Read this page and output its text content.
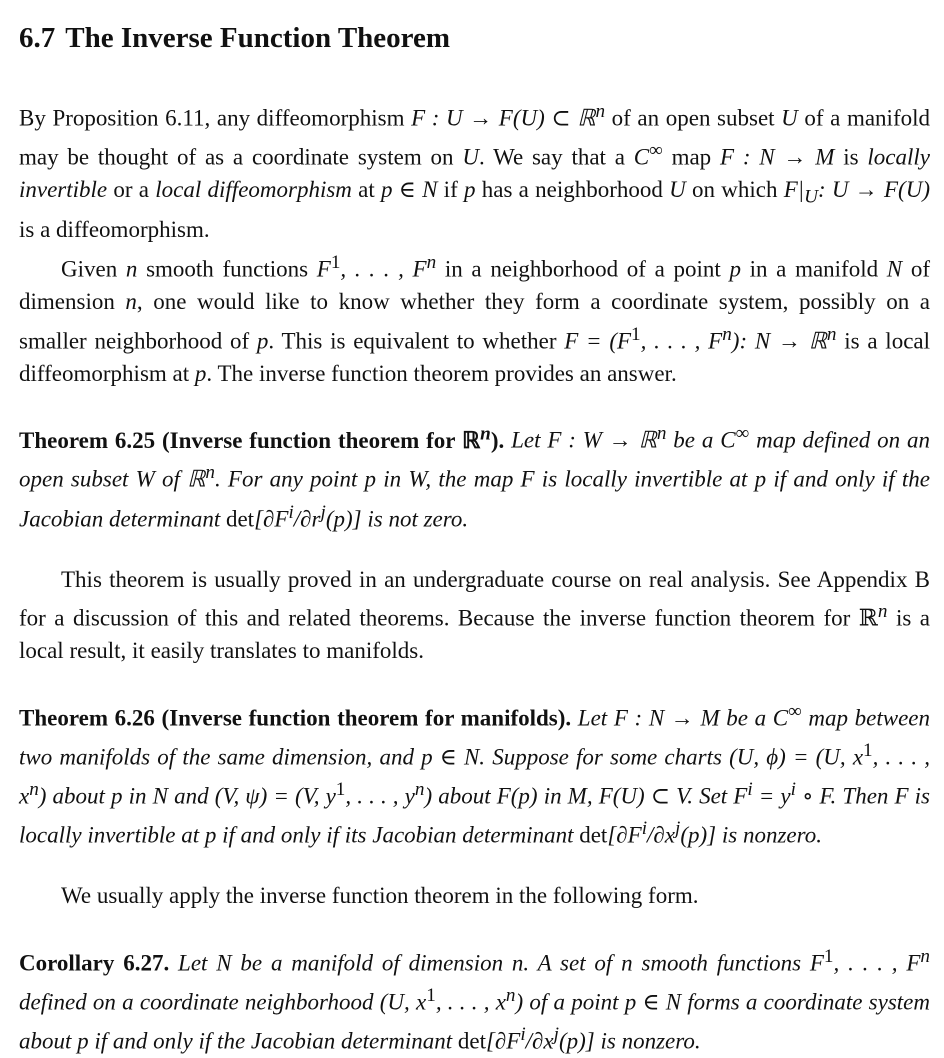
6.7 The Inverse Function Theorem

By Proposition 6.11, any diffeomorphism F : U → F(U) ⊂ ℝ$^n$ of an open subset U of a manifold may be thought of as a coordinate system on U. We say that a C∞ map F : N → M is locally invertible or a local diffeomorphism at p ∈ N if p has a neighborhood U on which $F|_U$: U → F(U) is a diffeomorphism.

Given n smooth functions $F^1$, . . . , $F^n$ in a neighborhood of a point p in a manifold N of dimension n, one would like to know whether they form a coordinate system, possibly on a smaller neighborhood of p. This is equivalent to whether $F = (F^1$, . . . , $F^n$): N → ℝ$^n$ is a local diffeomorphism at p. The inverse function theorem provides an answer.

Theorem 6.25 (Inverse function theorem for ℝ$^n$). Let F : W → ℝ$^n$ be a C∞ map defined on an open subset W of ℝ$^n$. For any point p in W, the map F is locally invertible at p if and only if the Jacobian determinant $\det[\partial F^i/\partial r^j(p)]$ is not zero.

This theorem is usually proved in an undergraduate course on real analysis. See Appendix B for a discussion of this and related theorems. Because the inverse function theorem for ℝ$^n$ is a local result, it easily translates to manifolds.

Theorem 6.26 (Inverse function theorem for manifolds). Let F : N → M be a C∞ map between two manifolds of the same dimension, and p ∈ N. Suppose for some charts (U, ϕ) = (U, $x^1$, . . . , $x^n$) about p in N and (V, ψ) = (V, $y^1$, . . . , $y^n$) about F(p) in M, F(U) ⊂ V. Set $F^i = y^i$ ∘ F. Then F is locally invertible at p if and only if its Jacobian determinant $\det[\partial F^i/\partial x^j(p)]$ is nonzero.

We usually apply the inverse function theorem in the following form.

Corollary 6.27. Let N be a manifold of dimension n. A set of n smooth functions $F^1$, . . . , $F^n$ defined on a coordinate neighborhood (U, $x^1$, . . . , $x^n$) of a point p ∈ N forms a coordinate system about p if and only if the Jacobian determinant $\det[\partial F^i/\partial x^j(p)]$ is nonzero.
